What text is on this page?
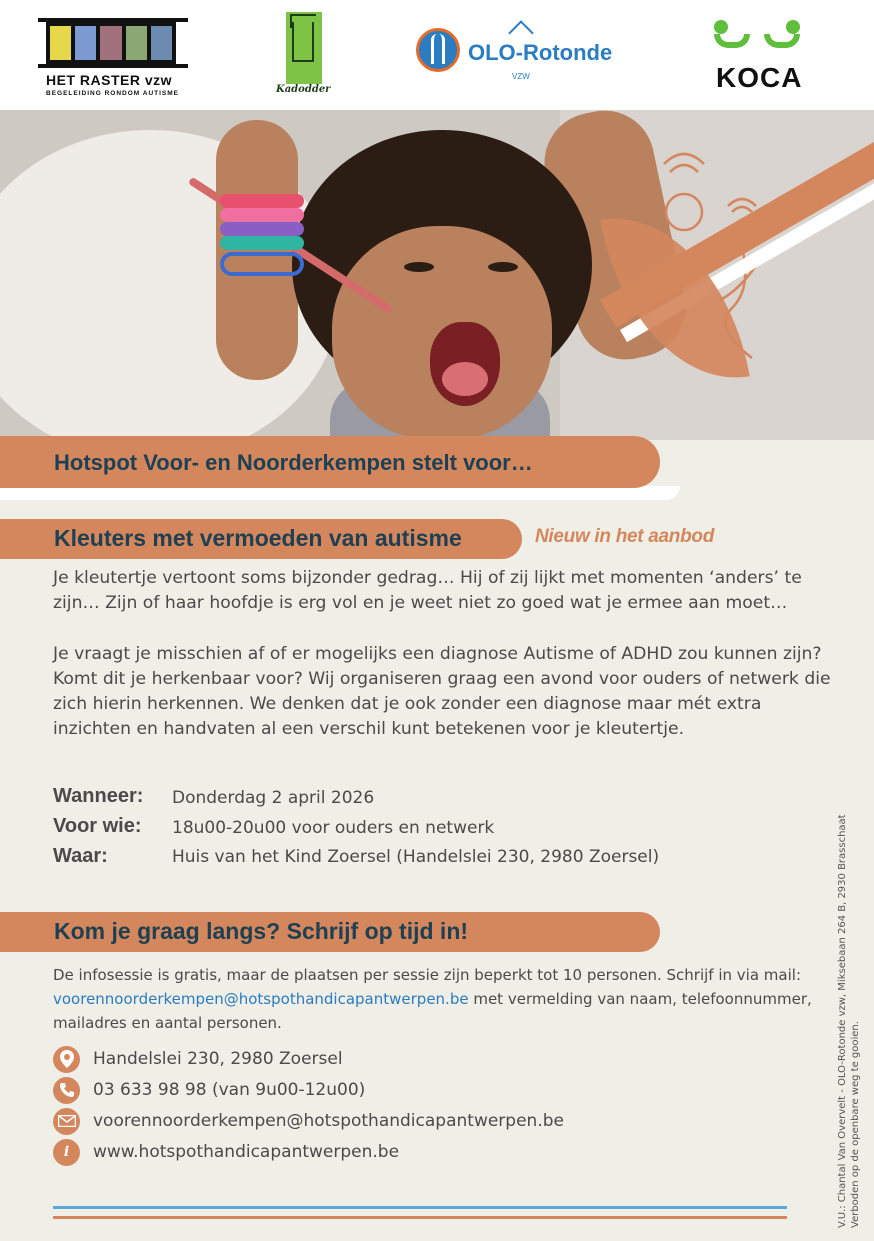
HET RASTER vzw
BEGELEIDING RONDOM AUTISME	Kadodder
OLO-Rotonde
VZW	KOCA
Hotspot Voor- en Noorderkempen stelt voor…
Kleuters met vermoeden van autisme	Nieuw in het aanbod
Je kleutertje vertoont soms bijzonder gedrag… Hij of zij lijkt met momenten ‘anders’ te zijn… Zijn of haar hoofdje is erg vol en je weet niet zo goed wat je ermee aan moet…
Je vraagt je misschien af of er mogelijks een diagnose Autisme of ADHD zou kunnen zijn? Komt dit je herkenbaar voor? Wij organiseren graag een avond voor ouders of netwerk die zich hierin herkennen. We denken dat je ook zonder een diagnose maar mét extra inzichten en handvaten al een verschil kunt betekenen voor je kleutertje.
Wanneer: Donderdag 2 april 2026
Voor wie: 18u00-20u00 voor ouders en netwerk
Waar:	Huis van het Kind Zoersel (Handelslei 230, 2980 Zoersel)
Kom je graag langs? Schrijf op tijd in!
De infosessie is gratis, maar de plaatsen per sessie zijn beperkt tot 10 personen. Schrijf in via mail: voorennoorderkempen@hotspothandicapantwerpen.be met vermelding van naam, telefoonnummer, mailadres en aantal personen.
Handelslei 230, 2980 Zoersel
03 633 98 98 (van 9u00-12u00)
voorennoorderkempen@hotspothandicapantwerpen.be
i	www.hotspothandicapantwerpen.be	V.U.: Chantal Van Overvelt - OLO-Rotonde vzw, Miksebaan 264 B, 2930 Brasschaat Verboden op de openbare weg te gooien.
